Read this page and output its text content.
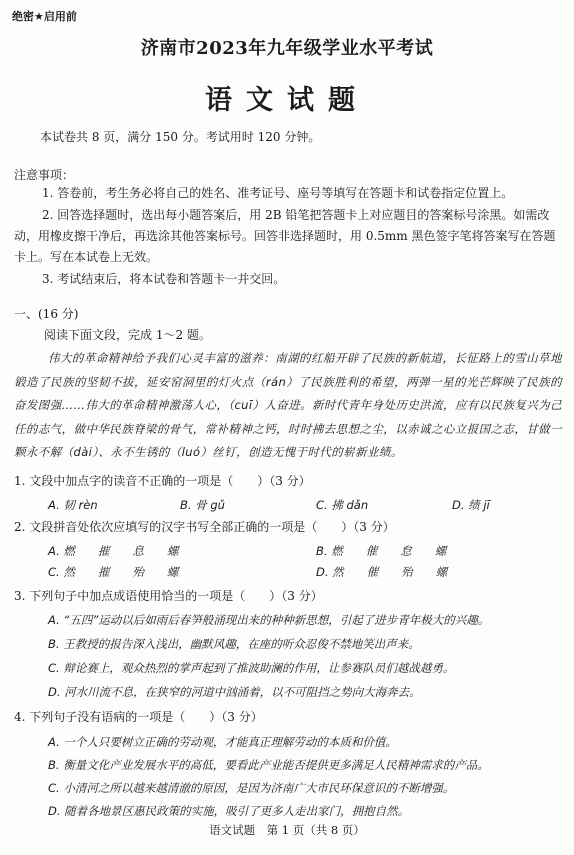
绝密★启用前
济南市2023年九年级学业水平考试
语文试题
本试卷共 8 页，满分 150 分。考试用时 120 分钟。
注意事项：
1. 答卷前，考生务必将自己的姓名、准考证号、座号等填写在答题卡和试卷指定位置上。
2. 回答选择题时，选出每小题答案后，用 2B 铅笔把答题卡上对应题目的答案标号涂黑。如需改动，用橡皮擦干净后，再选涂其他答案标号。回答非选择题时，用 0.5mm 黑色签字笔将答案写在答题卡上。写在本试卷上无效。
3. 考试结束后，将本试卷和答题卡一并交回。
一、(16 分)
阅读下面文段，完成 1～2 题。
伟大的革命精神给予我们心灵丰富的滋养：南湖的红船开辟了民族的新航道，长征路上的雪山草地锻造了民族的坚韧不拔，延安窑洞里的灯火点（rán）了民族胜利的希望，两弹一星的光芒辉映了民族的奋发图强……伟大的革命精神激荡人心，（cuī）人奋进。新时代青年身处历史洪流，应有以民族复兴为己任的志气，做中华民族脊梁的骨气，常补精神之钙，时时拂去思想之尘，以赤诚之心立报国之志，甘做一颗永不解（dài）、永不生锈的（luó）丝钉，创造无愧于时代的崭新业绩。
1. 文段中加点字的读音不正确的一项是（　　）（3 分）
A. 韧 rèn	B. 骨 gǔ	C. 拂 dǎn	D. 绩 jī
2. 文段拼音处依次应填写的汉字书写全部正确的一项是（　　）（3 分）
A. 燃　　摧　　息　　螺	B. 燃　　催　　怠　　螺
C. 然　　摧　　殆　　螺	D. 然　　催　　殆　　螺
3. 下列句子中加点成语使用恰当的一项是（　　）（3 分）
A. “五四”运动以后如雨后春笋般涌现出来的种种新思想，引起了进步青年极大的兴趣。
B. 王教授的报告深入浅出，幽默风趣，在座的听众忍俊不禁地笑出声来。
C. 辩论赛上，观众热烈的掌声起到了推波助澜的作用，让参赛队员们越战越勇。
D. 河水川流不息，在狭窄的河道中汹涌着，以不可阻挡之势向大海奔去。
4. 下列句子没有语病的一项是（　　）（3 分）
A. 一个人只要树立正确的劳动观，才能真正理解劳动的本质和价值。
B. 衡量文化产业发展水平的高低，要看此产业能否提供更多满足人民精神需求的产品。
C. 小清河之所以越来越清澈的原因，是因为济南广大市民环保意识的不断增强。
D. 随着各地景区惠民政策的实施，吸引了更多人走出家门，拥抱自然。
语文试题　第 1 页（共 8 页）
